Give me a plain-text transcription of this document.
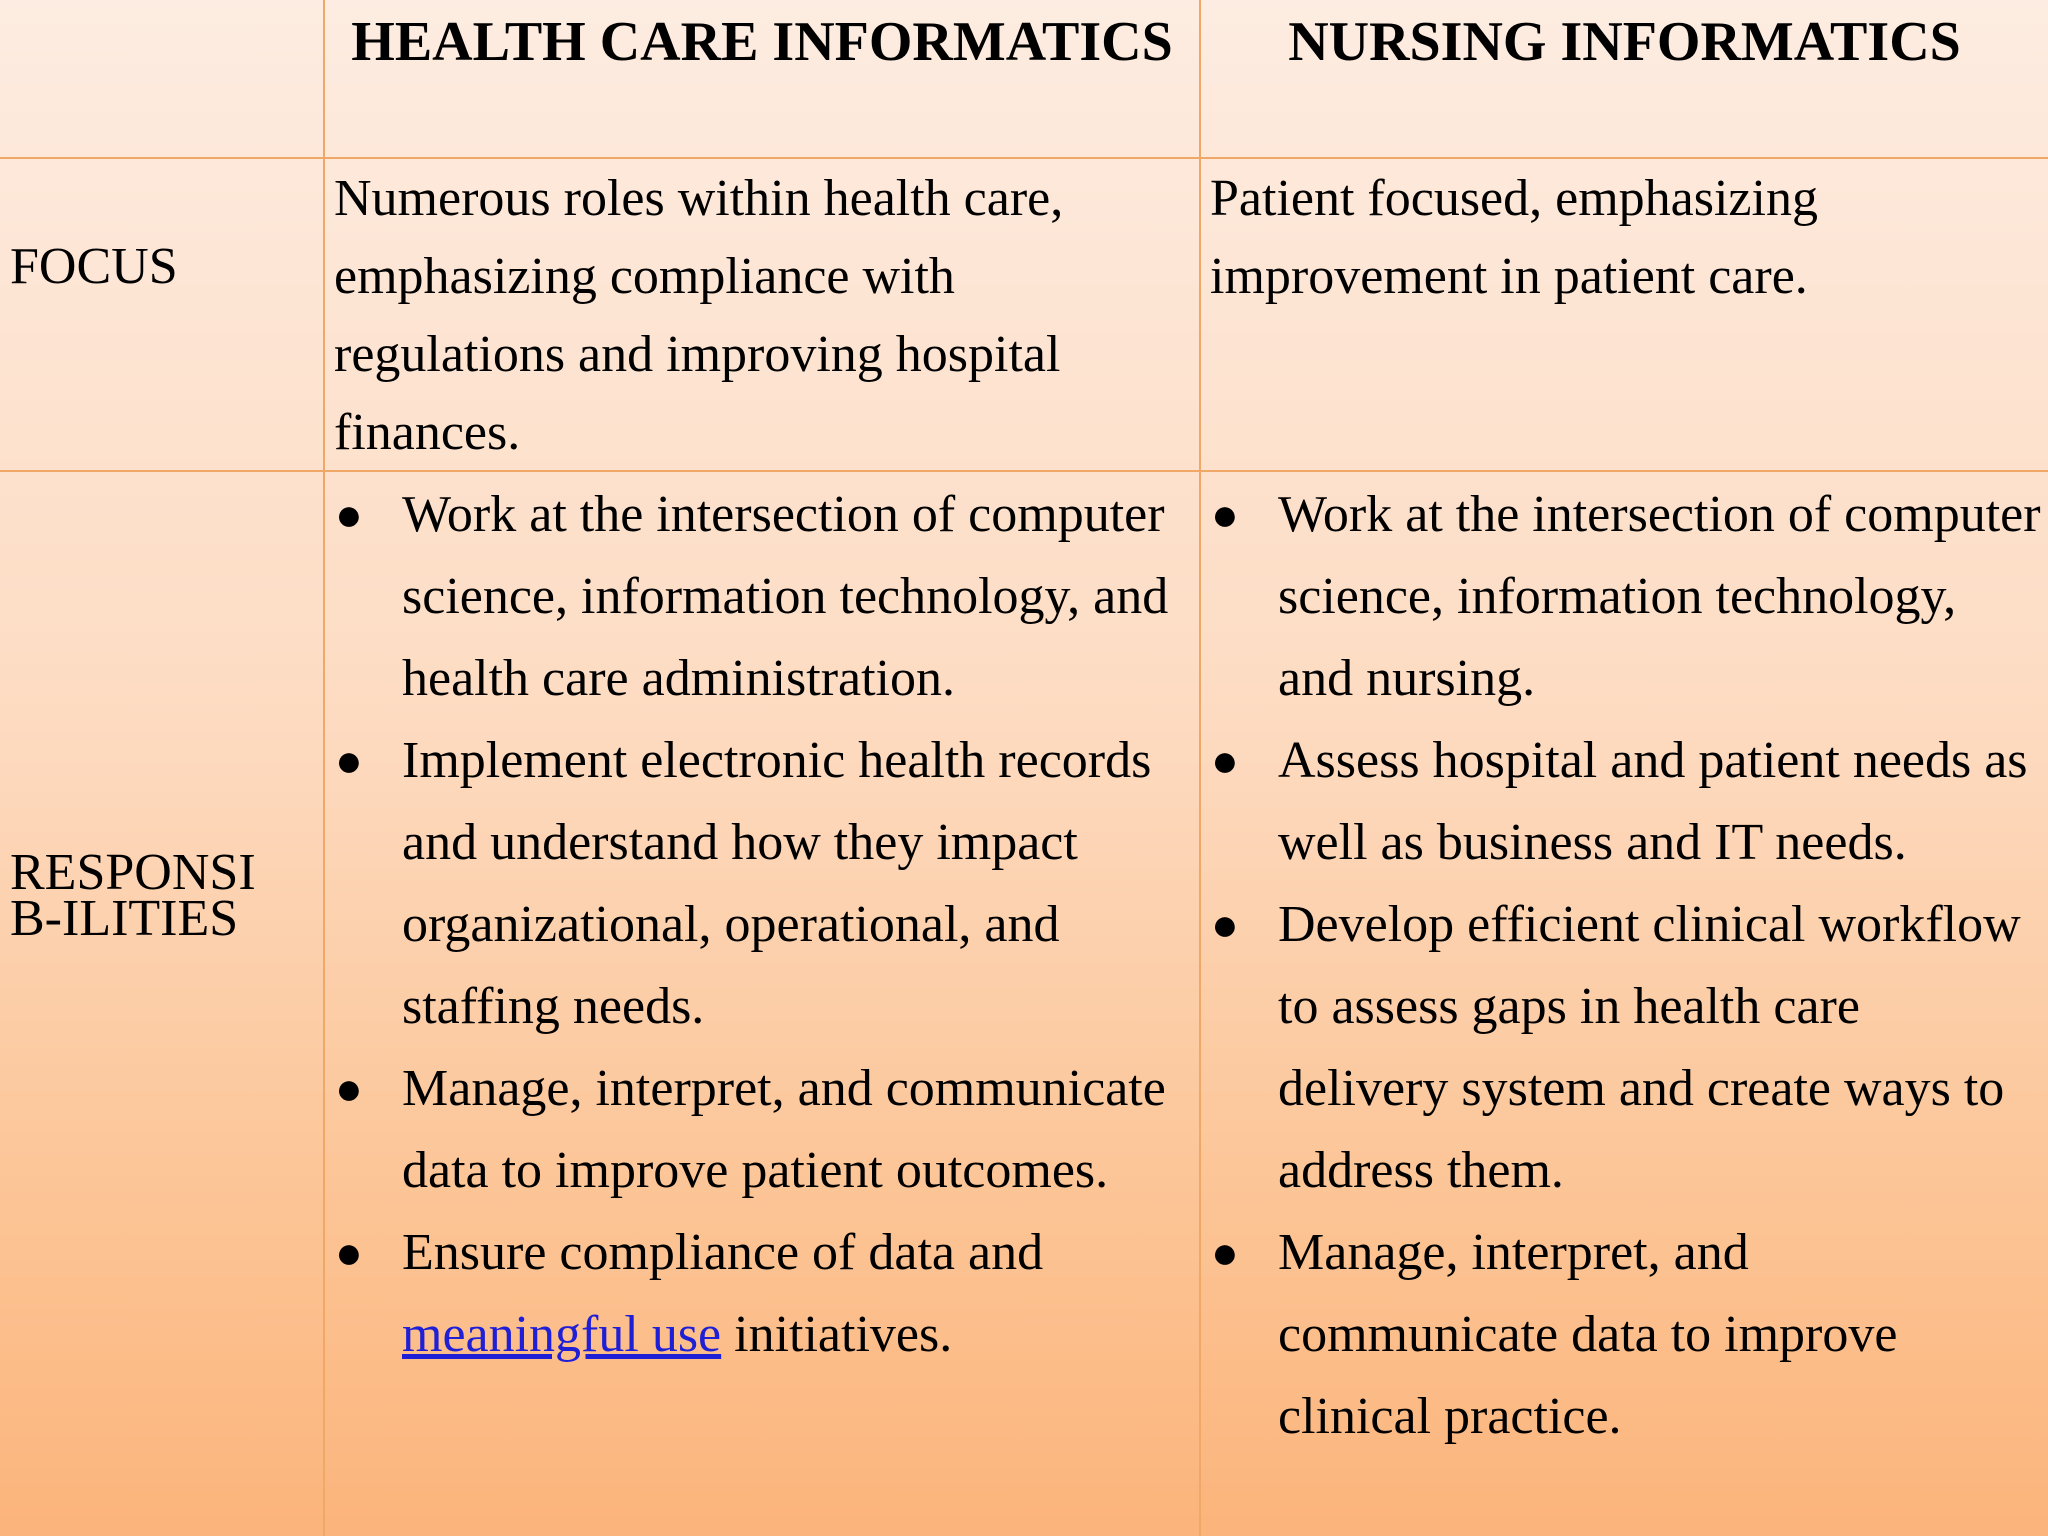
HEALTH CARE INFORMATICS	NURSING INFORMATICS
FOCUS
Numerous roles within health care, emphasizing compliance with regulations and improving hospital finances.
Patient focused, emphasizing improvement in patient care.
RESPONSI
B-ILITIES
● Work at the intersection of computer science, information technology, and health care administration.
● Implement electronic health records and understand how they impact organizational, operational, and staffing needs.
● Manage, interpret, and communicate data to improve patient outcomes.
● Ensure compliance of data and meaningful use initiatives.
● Work at the intersection of computer science, information technology, and nursing.
● Assess hospital and patient needs as well as business and IT needs.
● Develop efficient clinical workflow to assess gaps in health care delivery system and create ways to address them.
● Manage, interpret, and communicate data to improve clinical practice.
